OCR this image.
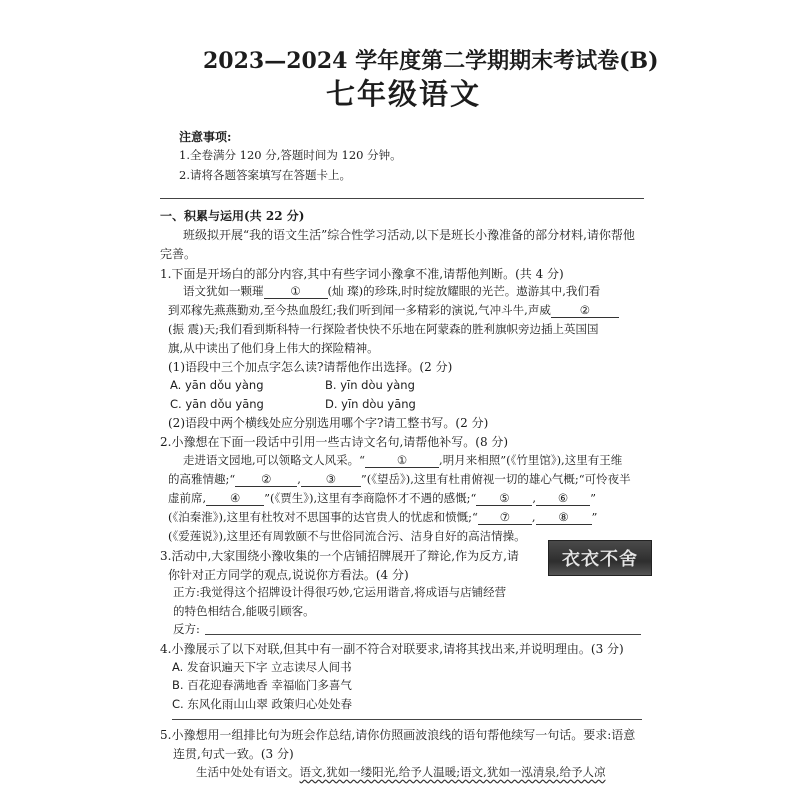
2023—2024 学年度第二学期期末考试卷(B)
七年级语文
注意事项:
1.全卷满分 120 分,答题时间为 120 分钟。
2.请将各题答案填写在答题卡上。
一、积累与运用(共 22 分)
班级拟开展“我的语文生活”综合性学习活动,以下是班长小豫准备的部分材料,请你帮他
完善。
1.下面是开场白的部分内容,其中有些字词小豫拿不准,请帮他判断。(共 4 分)
语文犹如一颗璀 ① (灿 璨)的珍珠,时时绽放耀眼的光芒。遨游其中,我们看
到邓稼先燕燕勤劝,至今热血殷红;我们听到闻一多精彩的演说,气冲斗牛,声威	②
(振 震)天;我们看到斯科特一行探险者快快不乐地在阿蒙森的胜利旗帜旁边插上英国国
旗,从中读出了他们身上伟大的探险精神。
(1)语段中三个加点字怎么读?请帮他作出选择。(2 分)
A. yān dǒu yàng	B. yīn dòu yàng
C. yān dǒu yāng	D. yīn dòu yāng
(2)语段中两个横线处应分别选用哪个字?请工整书写。(2 分)
2.小豫想在下面一段话中引用一些古诗文名句,请帮他补写。(8 分)
走进语文园地,可以领略文人风采。“	①	,明月来相照”(《竹里馆》),这里有王维
的高雅情趣;“ ② , ③ ”(《望岳》),这里有杜甫俯视一切的雄心气概;“可怜夜半
虚前席, ④ ”(《贾生》),这里有李商隐怀才不遇的感慨;“ ⑤ , ⑥ ”
(《泊秦淮》),这里有杜牧对不思国事的达官贵人的忧虑和愤慨;“ ⑦ , ⑧ ”
(《爱莲说》),这里还有周敦颐不与世俗同流合污、洁身自好的高洁情操。
3.活动中,大家围绕小豫收集的一个店铺招牌展开了辩论,作为反方,请
你针对正方同学的观点,说说你方看法。(4 分)
衣衣不舍
正方:我觉得这个招牌设计得很巧妙,它运用谐音,将成语与店铺经营
的特色相结合,能吸引顾客。
反方:
4.小豫展示了以下对联,但其中有一副不符合对联要求,请将其找出来,并说明理由。(3 分)
A. 发奋识遍天下字 立志读尽人间书
B. 百花迎春满地香 幸福临门多喜气
C. 东风化雨山山翠 政策归心处处春
5.小豫想用一组排比句为班会作总结,请你仿照画波浪线的语句帮他续写一句话。要求:语意
连贯,句式一致。(3 分)
生活中处处有语文。语文,犹如一缕阳光,给予人温暖;语文,犹如一泓清泉,给予人凉
